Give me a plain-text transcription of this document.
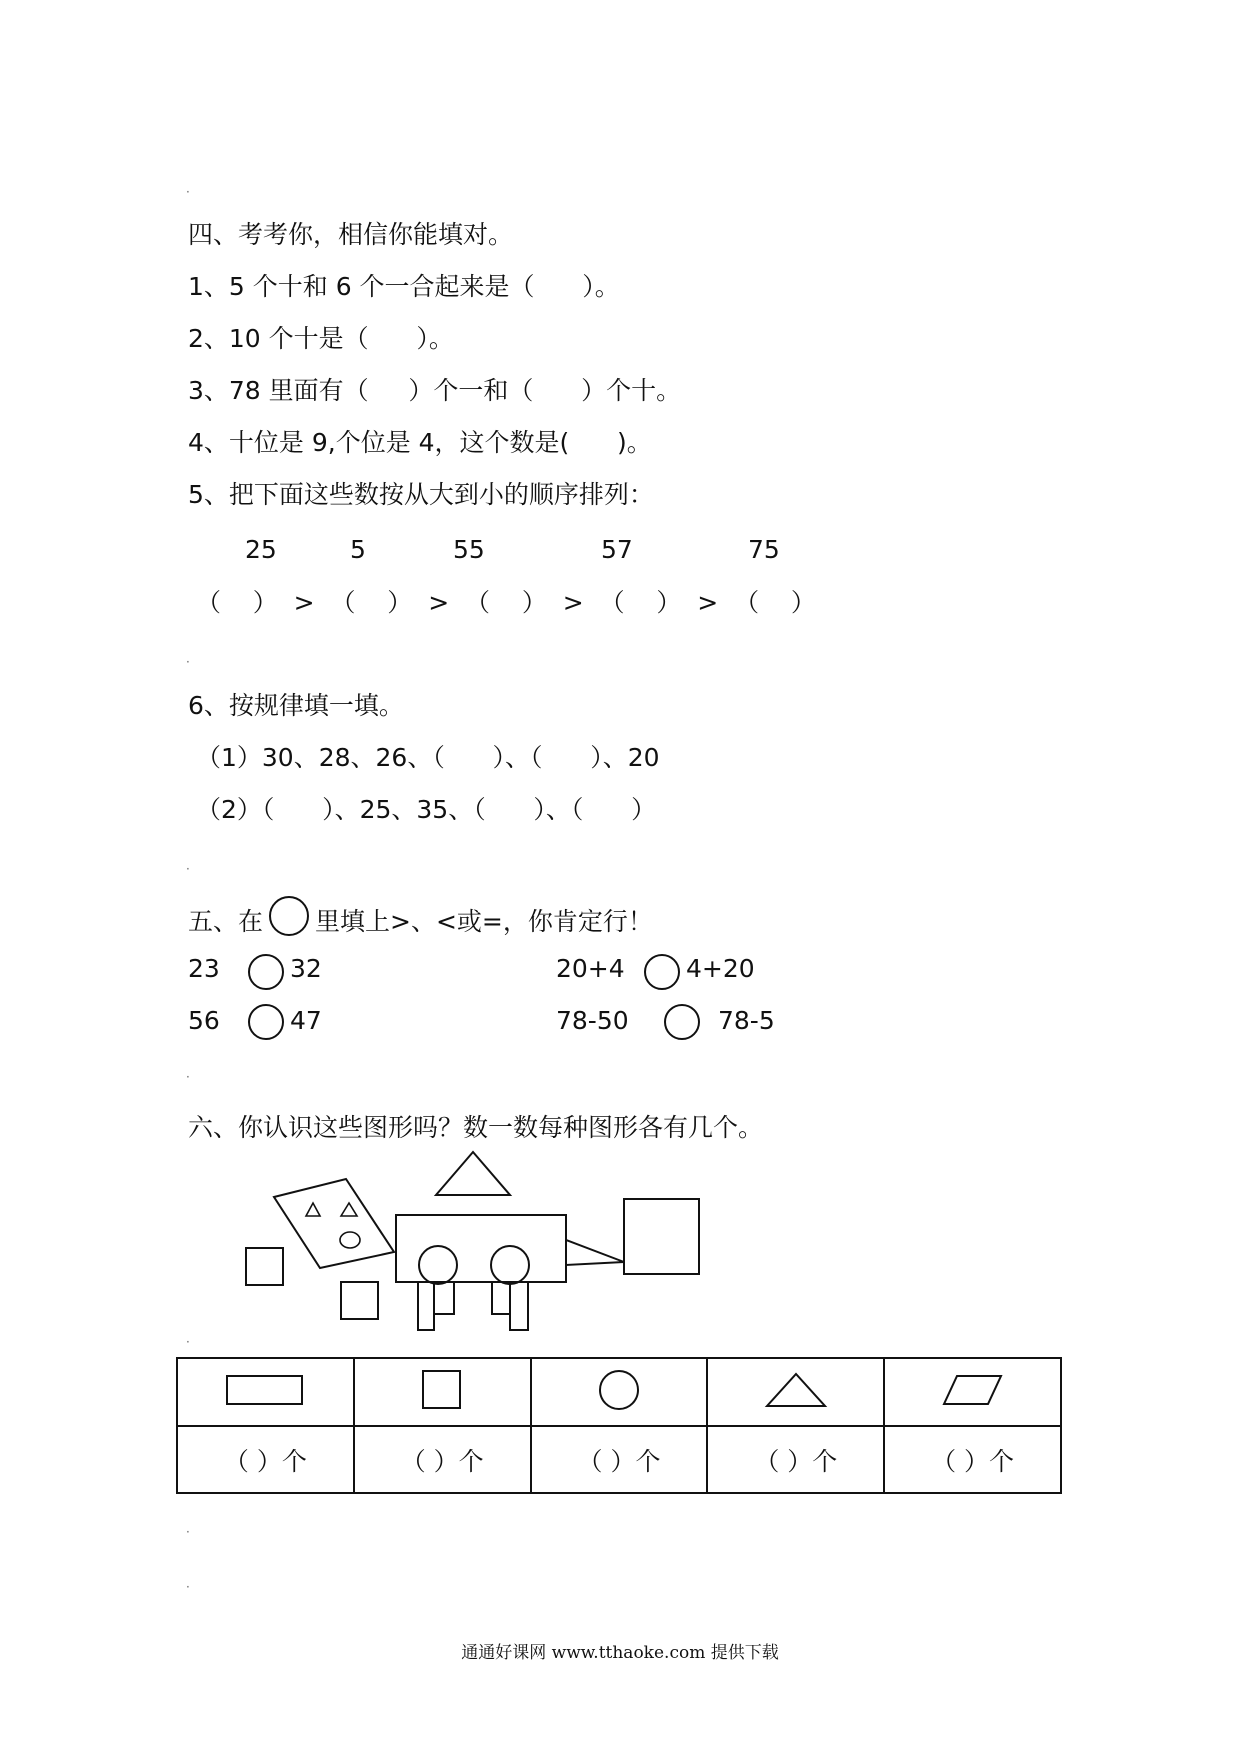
·
·
·
·
·
·
·
四、考考你，相信你能填对。
1、5 个十和 6 个一合起来是（      ）。
2、10 个十是（      ）。
3、78 里面有（     ）个一和（      ）个十。
4、十位是 9,个位是 4，这个数是(      )。
5、把下面这些数按从大到小的顺序排列：
25	5	55	57	75
（    ）  >  （    ）  >  （    ）  >  （    ）  >  （    ）
6、按规律填一填。
（1）30、28、26、（      ）、（      ）、20
（2）（      ）、25、35、（      ）、（      ）
五、在 里填上>、<或=，你肯定行！
23	32	20+4 4+20
56	47	78-50	78-5
六、你认识这些图形吗？数一数每种图形各有几个。

（ ）个	（ ）个	（ ）个	（ ）个	（ ）个
通通好课网 www.tthaoke.com 提供下载
